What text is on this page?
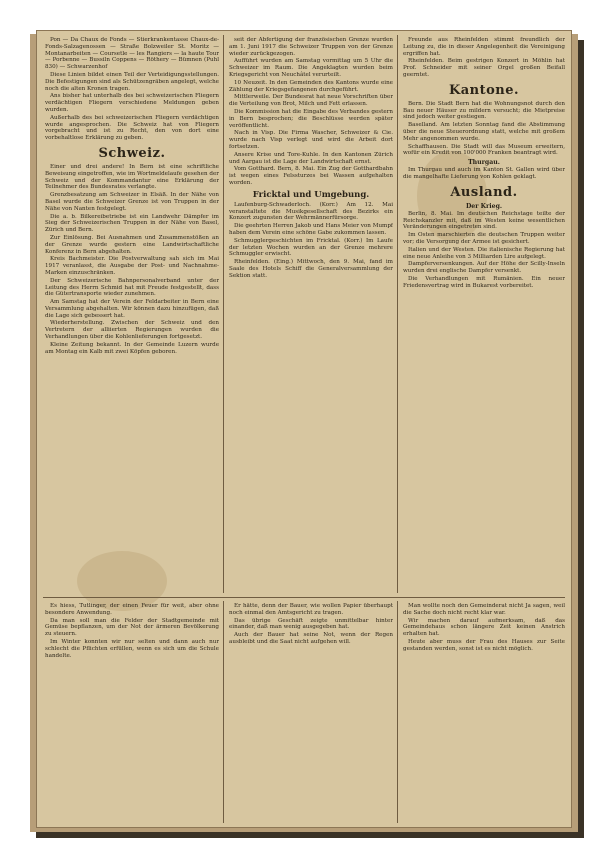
Pon — Da Chaux de Fonds — Stierkrankentasse Chaux-de-Fonds-Salzagenossen — Straße Bolzweiler St. Moritz — Montanarbeiten — Coursetle — les Rangiers — la haute Tour — Porbenne — Bussiln Coppens — Röthery — Bümnen (Puhl 830) — Schwarzenhof

Diese Linien bildet einen Teil der Verteidigungsstellungen. Die Befestigungen sind als Schützengräben angelegt, welche noch die alten Kronen tragen.

Ans bisher hat unterhalb des bei schweizerischen Fliegern verdächtigen Fliegern verschiedene Meldungen geben wurden.

Außerhalb des bei schweizerischen Fliegern verdächtigen wurde angesprochen. Die Schweiz hat von Fliegern vorgebracht und ist zu Recht, den von dort eine vorbehaltlose Erklärung zu geben.

Schweiz.

Einer und drei andere! In Bern ist eine schriftliche Beweisung eingetroffen, wie im Wortmeldelaufe gesehen der Schweiz und der Kommandantur eine Erklärung der Teilnehmer des Bundesrates verlangte.

Grenzbesatzung am Schweizer in Elsäß. In der Nähe von Basel wurde die Schweizer Grenze ist von Truppen in der Nähe von Nanten festgelegt.

Die a. b. Bilkereibetriebe ist ein Landwehr Dämpfer im Sieg der Schweizerischen Truppen in der Nähe von Basel, Zürich und Bern.

Zur Einlösung. Bei Ausnahmen und Zusammenstößen an der Grenze wurde gestern eine Landwirtschaftliche Konferenz in Bern abgehalten.

Kreis Bachmeister. Die Postverwaltung sah sich im Mai 1917 veranlasst, die Ausgabe der Post- und Nachnahme-Marken einzuschränken.

Der Schweizerische Bahnpersonalverband unter der Leitung des Herrn Schmid hat mit Freude festgestellt, dass die Gütertransporte wieder zunehmen.

Am Samstag hat der Verein der Feldarbeiter in Bern eine Versammlung abgehalten. Wir können dazu hinzufügen, daß die Lage sich gebessert hat.

Wiederherstellung. Zwischen der Schweiz und den Vertretern der alliierten Regierungen wurden die Verhandlungen über die Kohlenlieferungen fortgesetzt.

Kleine Zeitung bekannt. In der Gemeinde Luzern wurde am Montag ein Kalb mit zwei Köpfen geboren.

seit der Abfertigung der französischen Grenze wurden am 1. Juni 1917 die Schweizer Truppen von der Grenze wieder zurückgezogen.

Aufführt wurden am Samstag vormittag um 5 Uhr die Schweizer im Raum. Die Angeklagten wurden beim Kriegsgericht von Neuchâtel verurteilt.

10 Neuzeit. In den Gemeinden des Kantons wurde eine Zählung der Kriegsgefangenen durchgeführt.

Mittlerweile. Der Bundesrat hat neue Vorschriften über die Verteilung von Brot, Milch und Fett erlassen.

Die Kommission hat die Eingabe des Verbandes gestern in Bern besprochen; die Beschlüsse werden später veröffentlicht.

Nach in Visp. Die Firma Wascher, Schweizer & Cie. wurde nach Visp verlegt und wird die Arbeit dort fortsetzen.

Ansere Krise und Tore-Kuhle. In den Kantonen Zürich und Aargau ist die Lage der Landwirtschaft ernst.

Vom Gotthard. Bern, 8. Mai. Ein Zug der Gotthardbahn ist wegen eines Felssturzes bei Wassen aufgehalten worden.

Fricktal und Umgebung.

Laufenburg-Schwaderloch. (Korr.) Am 12. Mai veranstaltete die Musikgesellschaft des Bezirks ein Konzert zugunsten der Wehrmännerfürsorge.

Die geehrten Herren Jakob und Hans Meier von Mumpf haben dem Verein eine schöne Gabe zukommen lassen.

Schmugglergeschichten im Fricktal. (Korr.) Im Laufe der letzten Wochen wurden an der Grenze mehrere Schmuggler erwischt.

Rheinfelden. (Eing.) Mittwoch, den 9. Mai, fand im Saale des Hotels Schiff die Generalversammlung der Sektion statt.

Freunde aus Rheinfelden stimmt freundlich der Leitung zu, die in dieser Angelegenheit die Vereinigung ergriffen hat.

Rheinfelden. Beim gestrigen Konzert in Möhlin hat Prof. Schneider mit seiner Orgel großen Beifall geerntet.

Kantone.

Bern. Die Stadt Bern hat die Wohnungsnot durch den Bau neuer Häuser zu mildern versucht; die Mietpreise sind jedoch weiter gestiegen.

Baselland. Am letzten Sonntag fand die Abstimmung über die neue Steuerordnung statt, welche mit großem Mehr angenommen wurde.

Schaffhausen. Die Stadt will das Museum erweitern, wofür ein Kredit von 100'000 Franken beantragt wird.

Thurgau.

Im Thurgau und auch im Kanton St. Gallen wird über die mangelhafte Lieferung von Kohlen geklagt.

Ausland.
Der Krieg.

Berlin, 8. Mai. Im deutschen Reichstage teilte der Reichskanzler mit, daß im Westen keine wesentlichen Veränderungen eingetreten sind.

Im Osten marschierten die deutschen Truppen weiter vor; die Versorgung der Armee ist gesichert.

Italien und der Westen. Die italienische Regierung hat eine neue Anleihe von 3 Milliarden Lire aufgelegt.

Dampferversenkungen. Auf der Höhe der Scilly-Inseln wurden drei englische Dampfer versenkt.

Die Verhandlungen mit Rumänien. Ein neuer Friedensvertrag wird in Bukarest vorbereitet.

Es hiess, Tutlinger, der einen Feuer für weit, aber ohne besondere Anwendung.

Da man soll man die Felder der Stadtgemeinde mit Gemüse bepflanzen, um der Not der ärmeren Bevölkerung zu steuern.

Im Winter konnten wir nur selten und dann auch nur schlecht die Pflichten erfüllen, wenn es sich um die Schule handelte.

Er hätte, denn der Bauer, wie wollen Papier überhaupt noch einmal den Amtsgericht zu tragen.

Das übrige Geschäft zeigte unmittelbar hinter einander, daß man wenig ausgegeben hat.

Auch der Bauer hat seine Not, wenn der Regen ausbleibt und die Saat nicht aufgehen will.

Man wollte noch den Gemeinderat nicht Ja sagen, weil die Sache doch nicht recht klar war.

Wir machen darauf aufmerksam, daß das Gemeindehaus schon längere Zeit keinen Anstrich erhalten hat.

Heute aber muss der Frau des Hauses zur Seite gestanden werden, sonst ist es nicht möglich.
